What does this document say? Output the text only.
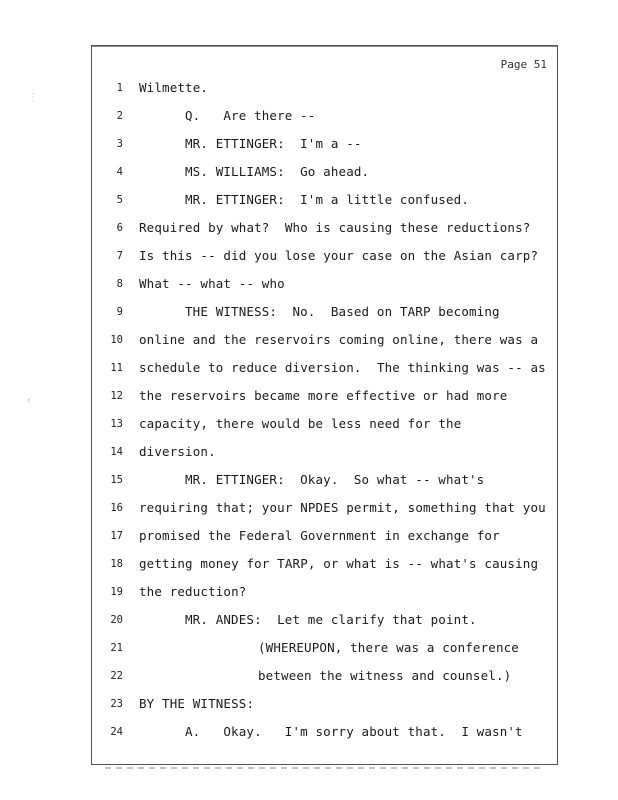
Page 51
1 Wilmette.
2	Q.   Are there --
3	MR. ETTINGER:  I'm a --
4	MS. WILLIAMS:  Go ahead.
5	MR. ETTINGER:  I'm a little confused.
6 Required by what?  Who is causing these reductions?
7 Is this -- did you lose your case on the Asian carp?
8 What -- what -- who
9	THE WITNESS:  No.  Based on TARP becoming
10 online and the reservoirs coming online, there was a
11 schedule to reduce diversion.  The thinking was -- as
12 the reservoirs became more effective or had more
13 capacity, there would be less need for the
14 diversion.
15	MR. ETTINGER:  Okay.  So what -- what's
16 requiring that; your NPDES permit, something that you
17 promised the Federal Government in exchange for
18 getting money for TARP, or what is -- what's causing
19 the reduction?
20	MR. ANDES:  Let me clarify that point.
21	(WHEREUPON, there was a conference
22	between the witness and counsel.)
23 BY THE WITNESS:
24	A.   Okay.   I'm sorry about that.  I wasn't
⋮
‹
